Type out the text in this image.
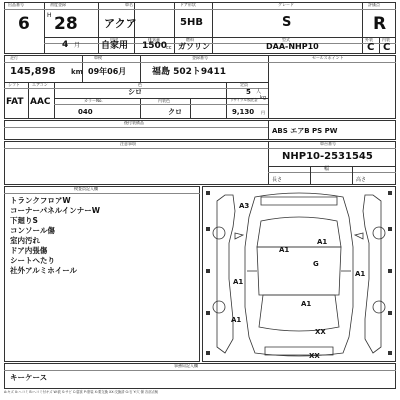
出品番号
6
初度登録
H 28
4 月
車名
アクア
ドア形状
5HB
グレード
S
評価点
R
用途
自家用
排気量
1500
cc
燃料
ガソリン
型式
DAA-NHP10
外装
C
内装
C
走行
145,898 km
車検
09年06月
登録番号
福島 502ト9411
セールスポイント
シフト
FAT
エアコン
AAC
色
シロ
定員
5 人
kg
カラーNo.
040
内装色
クロ
リサイクル預託金
9,130 円
後付装備品
ABS エアB PS PW
注意事項	車台番号
NHP10-2531545
長さ
幅
高さ
検査員記入欄
トランクフロアW
コーナーパネルインナーW
下廻りS
コンソール傷
室内汚れ
ドア内張傷
シートへたり
社外アルミホイール
A3
A1
A1
G
A1
A1
A1
A1
XX
XX
事務局記入欄
キーケース
A:キズ U:ヘコミ B:ヘコミ付キズ W:波 S:サビ C:腐食 P:塗装 X:要交換 XX:交換済 G:石 Y:穴 傷 各部点検
